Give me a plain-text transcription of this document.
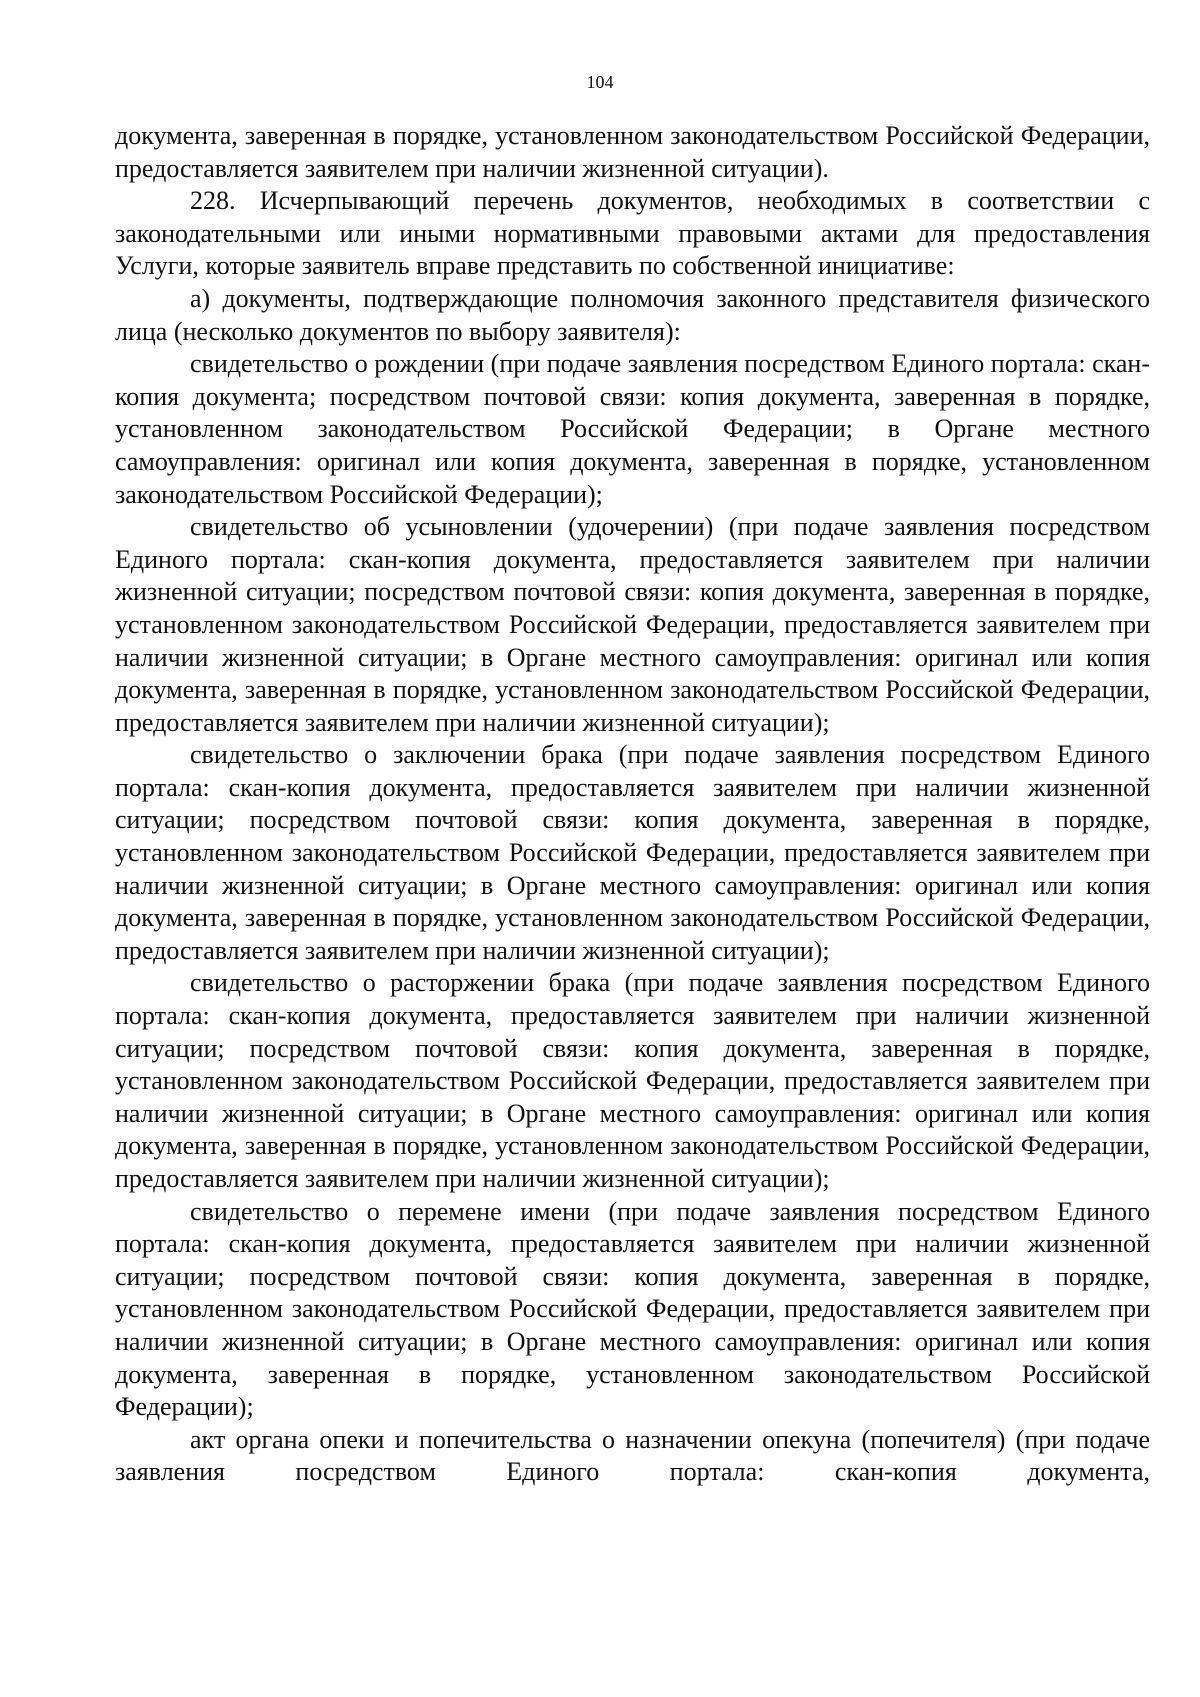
104

документа, заверенная в порядке, установленном законодательством Российской Федерации, предоставляется заявителем при наличии жизненной ситуации).

228. Исчерпывающий перечень документов, необходимых в соответствии с законодательными или иными нормативными правовыми актами для предоставления Услуги, которые заявитель вправе представить по собственной инициативе:

а) документы, подтверждающие полномочия законного представителя физического лица (несколько документов по выбору заявителя):

свидетельство о рождении (при подаче заявления посредством Единого портала: скан-копия документа; посредством почтовой связи: копия документа, заверенная в порядке, установленном законодательством Российской Федерации; в Органе местного самоуправления: оригинал или копия документа, заверенная в порядке, установленном законодательством Российской Федерации);

свидетельство об усыновлении (удочерении) (при подаче заявления посредством Единого портала: скан-копия документа, предоставляется заявителем при наличии жизненной ситуации; посредством почтовой связи: копия документа, заверенная в порядке, установленном законодательством Российской Федерации, предоставляется заявителем при наличии жизненной ситуации; в Органе местного самоуправления: оригинал или копия документа, заверенная в порядке, установленном законодательством Российской Федерации, предоставляется заявителем при наличии жизненной ситуации);

свидетельство о заключении брака (при подаче заявления посредством Единого портала: скан-копия документа, предоставляется заявителем при наличии жизненной ситуации; посредством почтовой связи: копия документа, заверенная в порядке, установленном законодательством Российской Федерации, предоставляется заявителем при наличии жизненной ситуации; в Органе местного самоуправления: оригинал или копия документа, заверенная в порядке, установленном законодательством Российской Федерации, предоставляется заявителем при наличии жизненной ситуации);

свидетельство о расторжении брака (при подаче заявления посредством Единого портала: скан-копия документа, предоставляется заявителем при наличии жизненной ситуации; посредством почтовой связи: копия документа, заверенная в порядке, установленном законодательством Российской Федерации, предоставляется заявителем при наличии жизненной ситуации; в Органе местного самоуправления: оригинал или копия документа, заверенная в порядке, установленном законодательством Российской Федерации, предоставляется заявителем при наличии жизненной ситуации);

свидетельство о перемене имени (при подаче заявления посредством Единого портала: скан-копия документа, предоставляется заявителем при наличии жизненной ситуации; посредством почтовой связи: копия документа, заверенная в порядке, установленном законодательством Российской Федерации, предоставляется заявителем при наличии жизненной ситуации; в Органе местного самоуправления: оригинал или копия документа, заверенная в порядке, установленном законодательством Российской Федерации);

акт органа опеки и попечительства о назначении опекуна (попечителя) (при подаче заявления посредством Единого портала: скан-копия документа,
